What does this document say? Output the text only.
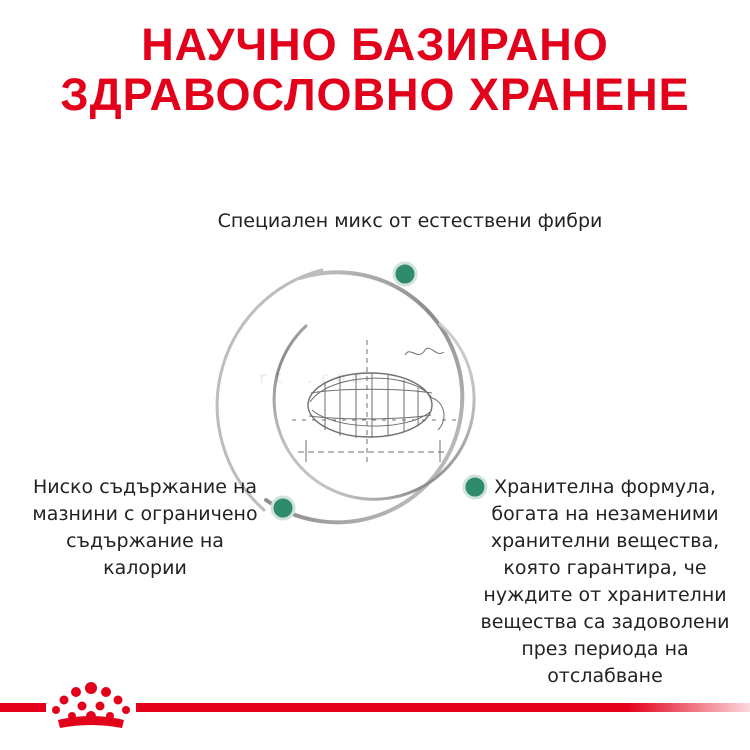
НАУЧНО БАЗИРАНО
ЗДРАВОСЛОВНО ХРАНЕНЕ
Специален микс от естествени фибри
rt .com
Ниско съдържание на мазнини с ограничено съдържание на калории
Хранителна формула, богата на незаменими хранителни вещества, която гарантира, че нуждите от хранителни вещества са задоволени през периода на отслабване
